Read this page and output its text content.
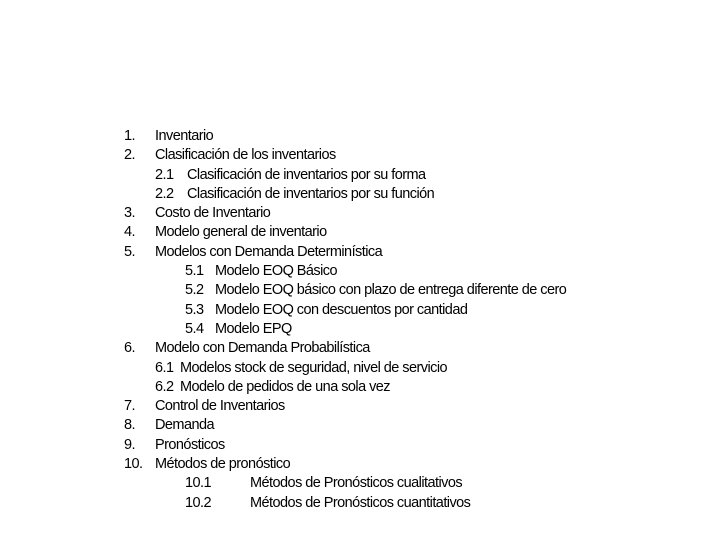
1. Inventario
2. Clasificación de los inventarios
2.1 Clasificación de inventarios por su forma
2.2 Clasificación de inventarios por su función
3. Costo de Inventario
4. Modelo general de inventario
5. Modelos con Demanda Determinística
5.1 Modelo EOQ Básico
5.2 Modelo EOQ básico con plazo de entrega diferente de cero
5.3 Modelo EOQ con descuentos por cantidad
5.4 Modelo EPQ
6. Modelo con Demanda Probabilística
6.1 Modelos stock de seguridad, nivel de servicio
6.2 Modelo de pedidos de una sola vez
7. Control de Inventarios
8. Demanda
9. Pronósticos
10. Métodos de pronóstico
10.1	Métodos de Pronósticos cualitativos
10.2	Métodos de Pronósticos cuantitativos
